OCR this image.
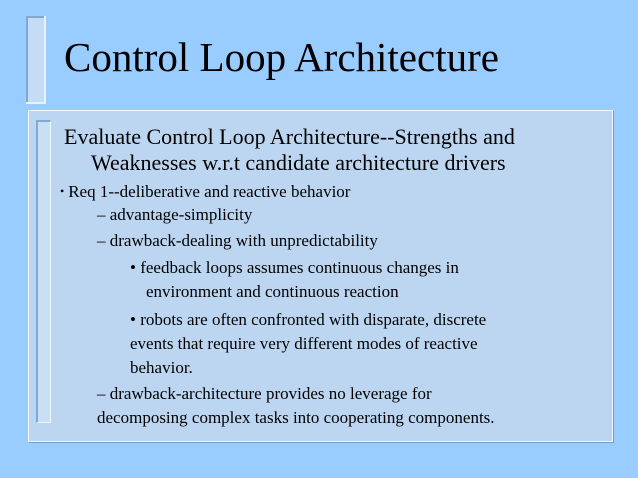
Control Loop Architecture
Evaluate Control Loop Architecture--Strengths and
Weaknesses w.r.t candidate architecture drivers
• Req 1--deliberative and reactive behavior
– advantage-simplicity
– drawback-dealing with unpredictability
• feedback loops assumes continuous changes in
environment and continuous reaction
• robots are often confronted with disparate, discrete
events that require very different modes of reactive
behavior.
– drawback-architecture provides no leverage for
decomposing complex tasks into cooperating components.
